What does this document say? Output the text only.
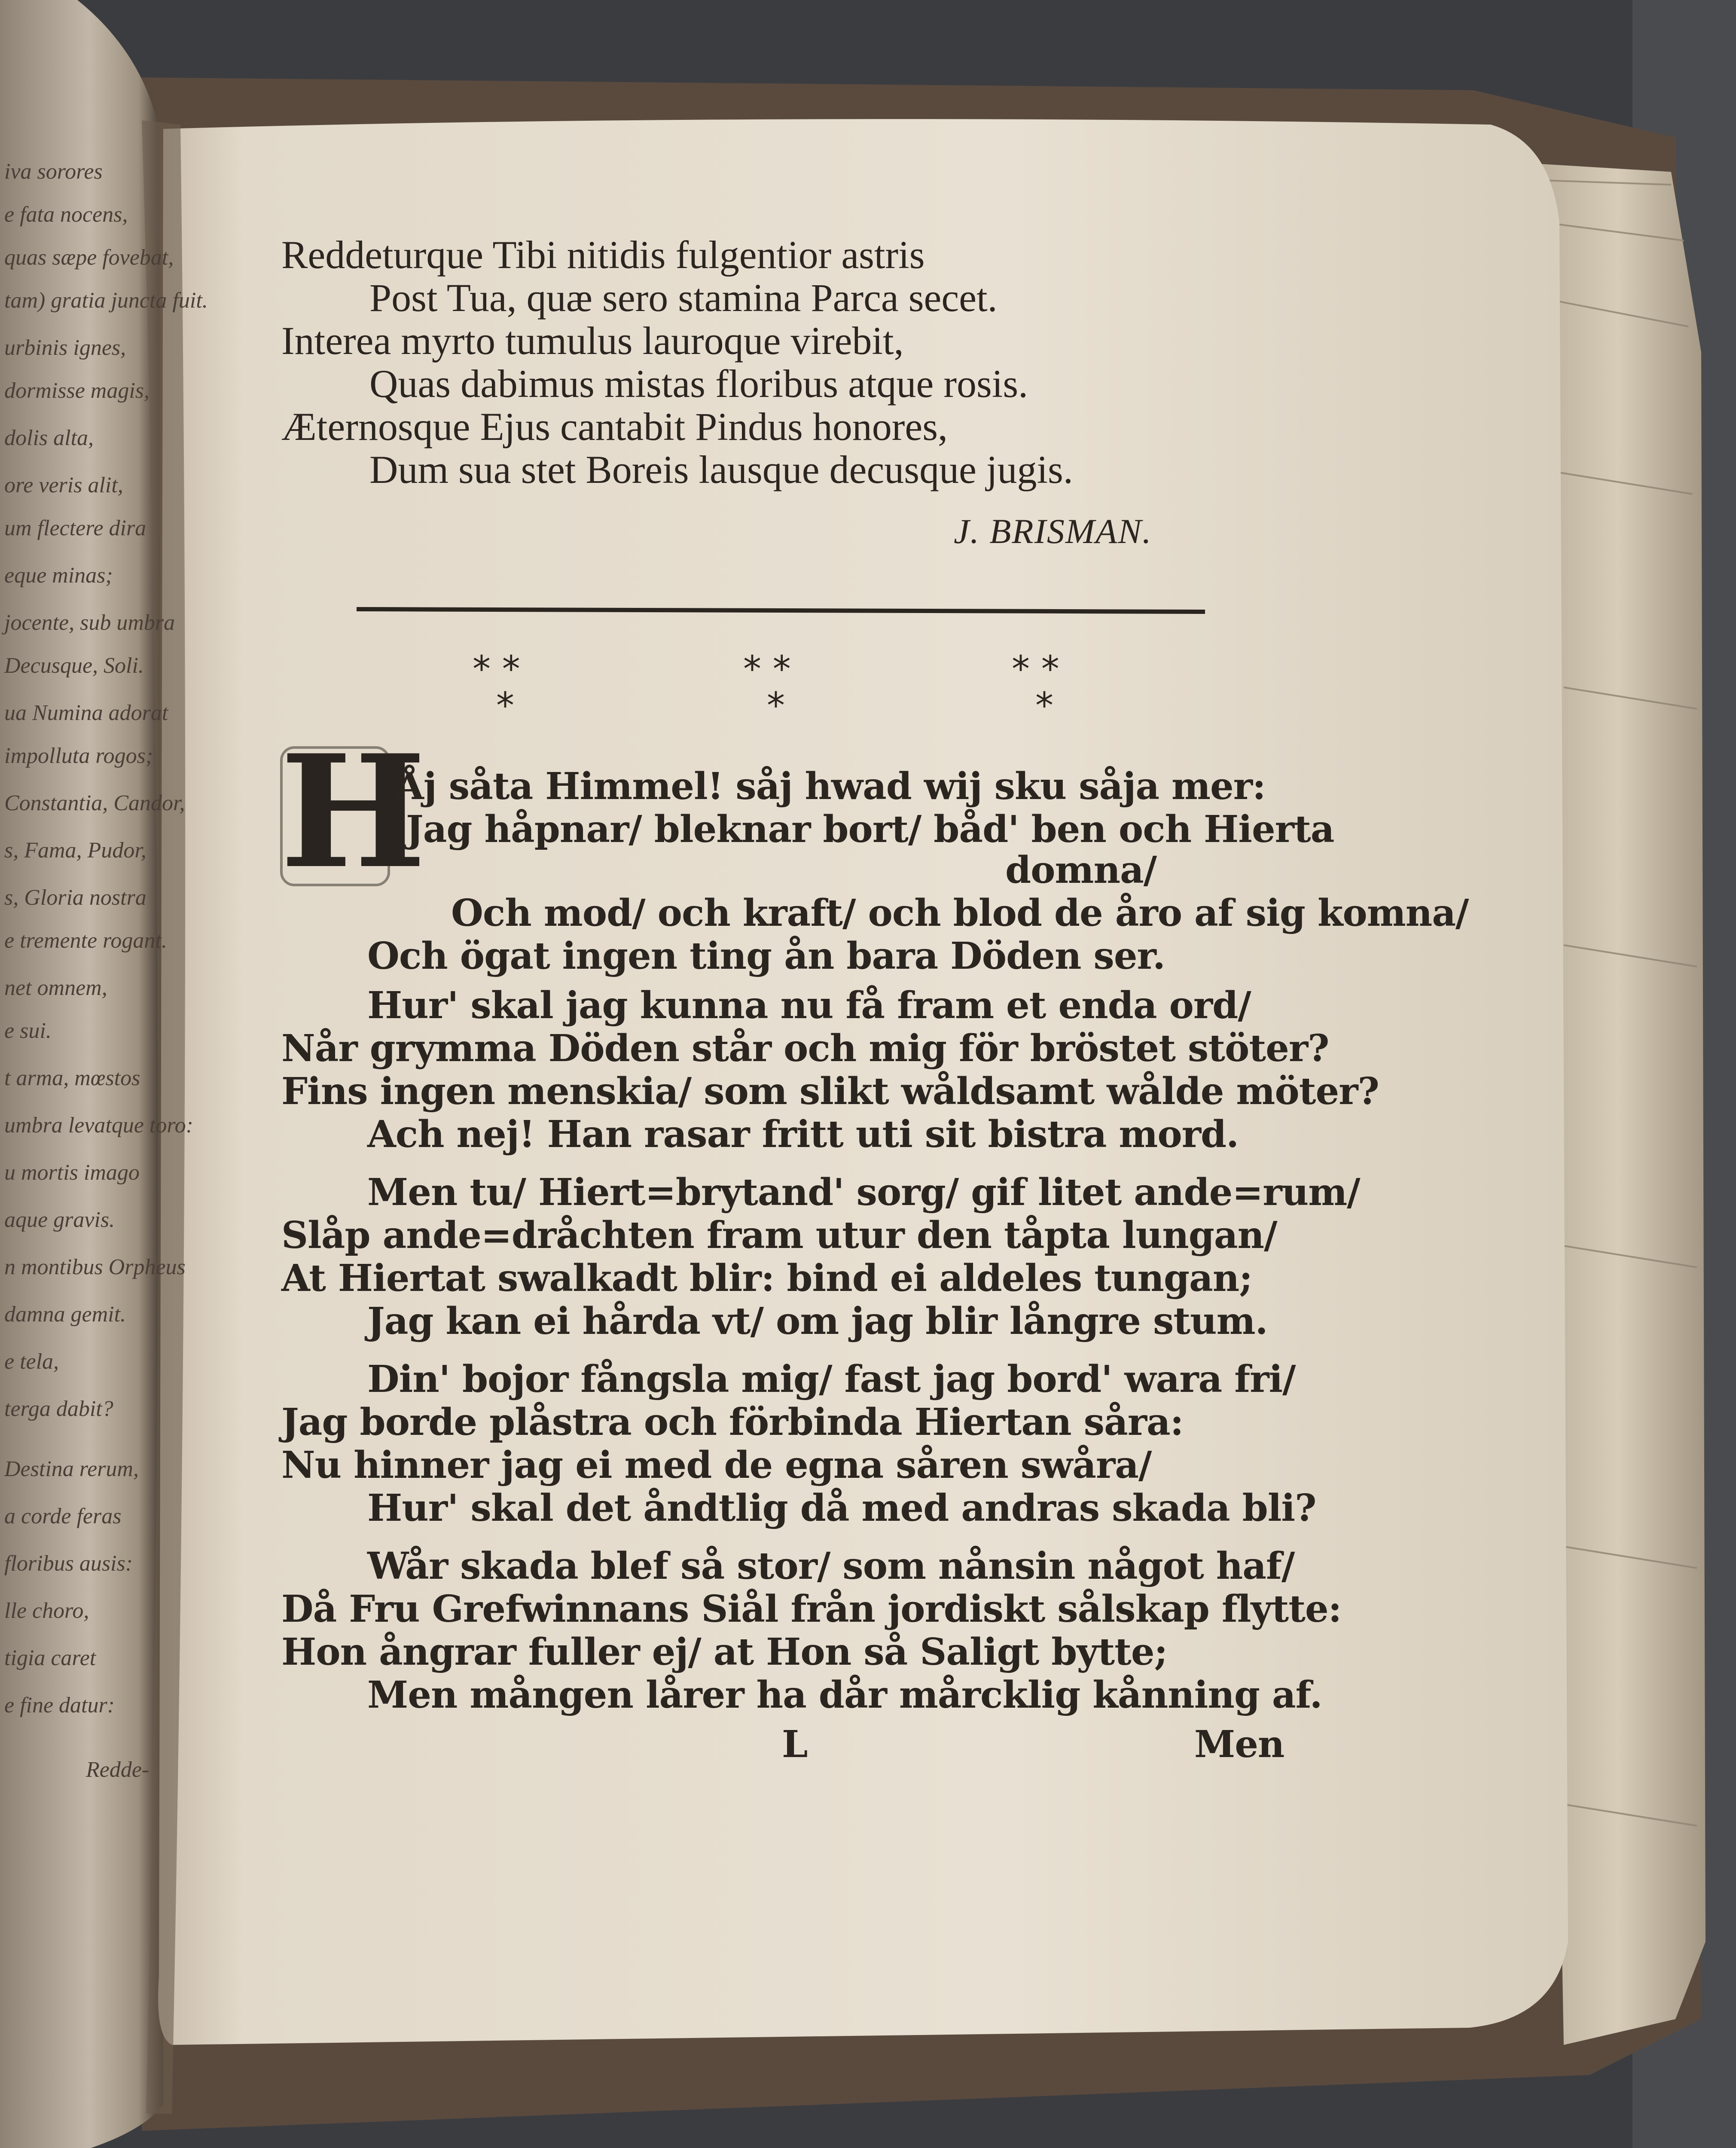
iva sorores
e fata nocens,
quas sæpe fovebat,
tam) gratia juncta fuit.
urbinis ignes,
dormisse magis,
dolis alta,
ore veris alit,
um flectere dira
eque minas;
jocente, sub umbra
Decusque, Soli.
ua Numina adorat
impolluta rogos;
Constantia, Candor,
s, Fama, Pudor,
s, Gloria nostra
e tremente rogant.
net omnem,
e sui.
t arma, mœstos
umbra levatque toro:
u mortis imago
aque gravis.
n montibus Orpheus
damna gemit.
e tela,
terga dabit?
Destina rerum,
a corde feras
floribus ausis:
lle choro,
tigia caret
e fine datur:
Redde-
Reddeturque Tibi nitidis fulgentior astris
Post Tua, quæ sero stamina Parca secet.
Interea myrto tumulus lauroque virebit,
Quas dabimus mistas floribus atque rosis.
Æternosque Ejus cantabit Pindus honores,
Dum sua stet Boreis lausque decusque jugis.
J. BRISMAN.
* *
*
* *
*
* *
*
H
Åj såta Himmel! såj hwad wij sku såja mer:
Jag håpnar/ bleknar bort/ båd' ben och Hierta
domna/
Och mod/ och kraft/ och blod de åro af sig komna/
Och ögat ingen ting ån bara Döden ser.
Hur' skal jag kunna nu få fram et enda ord/
Når grymma Döden står och mig för bröstet stöter?
Fins ingen menskia/ som slikt wåldsamt wålde möter?
Ach nej! Han rasar fritt uti sit bistra mord.
Men tu/ Hiert=brytand' sorg/ gif litet ande=rum/
Slåp ande=dråchten fram utur den tåpta lungan/
At Hiertat swalkadt blir: bind ei aldeles tungan;
Jag kan ei hårda vt/ om jag blir långre stum.
Din' bojor fångsla mig/ fast jag bord' wara fri/
Jag borde plåstra och förbinda Hiertan såra:
Nu hinner jag ei med de egna såren swåra/
Hur' skal det åndtlig då med andras skada bli?
Wår skada blef så stor/ som nånsin något haf/
Då Fru Grefwinnans Siål från jordiskt sålskap flytte:
Hon ångrar fuller ej/ at Hon så Saligt bytte;
Men mången lårer ha dår mårcklig kånning af.
L	Men
